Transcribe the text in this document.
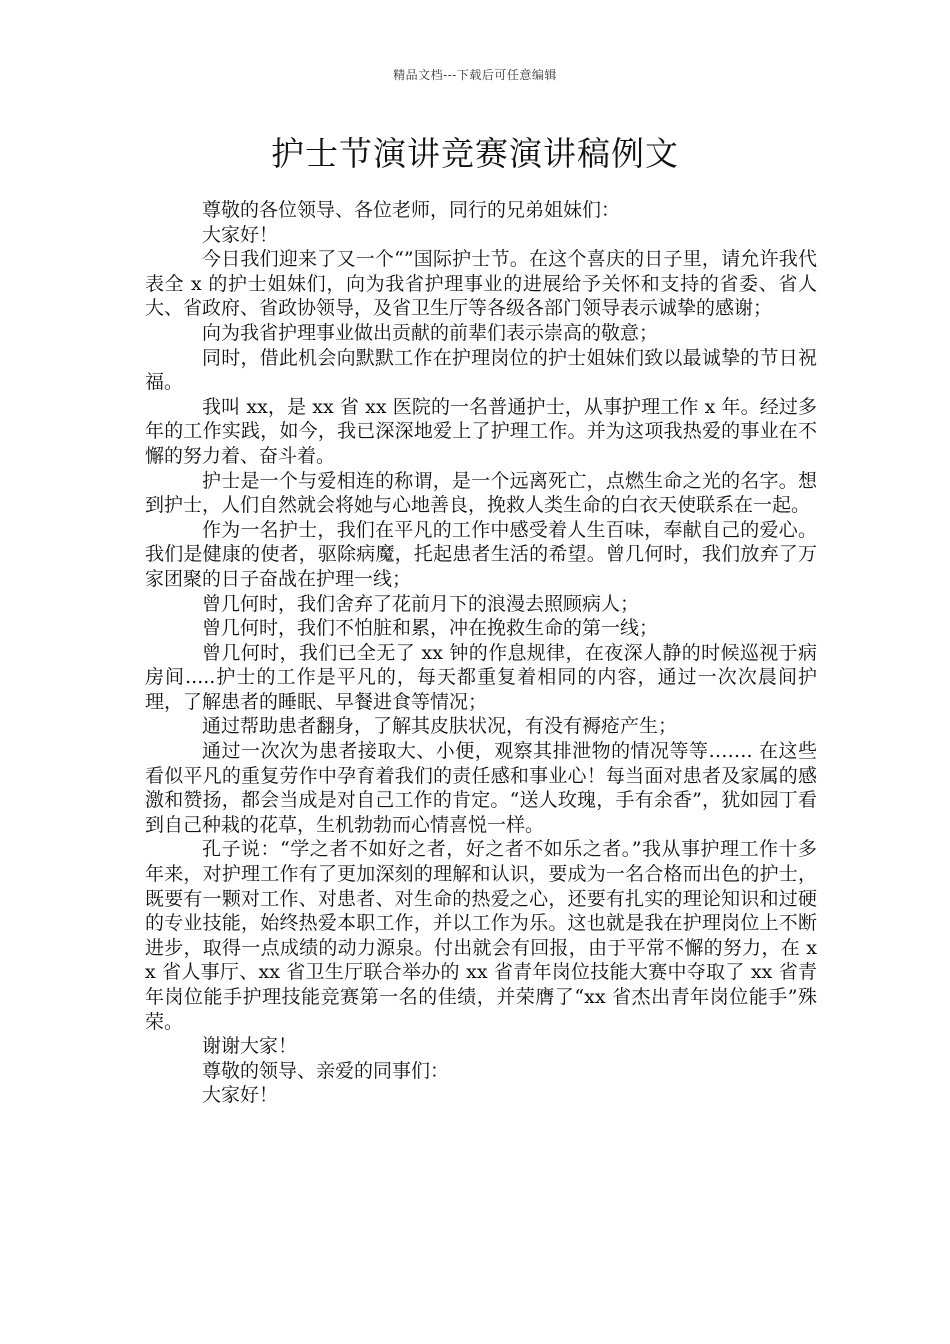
精品文档---下载后可任意编辑
护士节演讲竞赛演讲稿例文

尊敬的各位领导、各位老师，同行的兄弟姐妹们：

大家好！

今日我们迎来了又一个“”国际护士节。在这个喜庆的日子里，请允许我代表全 x 的护士姐妹们，向为我省护理事业的进展给予关怀和支持的省委、省人大、省政府、省政协领导，及省卫生厅等各级各部门领导表示诚挚的感谢；

向为我省护理事业做出贡献的前辈们表示崇高的敬意；

同时，借此机会向默默工作在护理岗位的护士姐妹们致以最诚挚的节日祝福。

我叫 xx，是 xx 省 xx 医院的一名普通护士，从事护理工作 x 年。经过多年的工作实践，如今，我已深深地爱上了护理工作。并为这项我热爱的事业在不懈的努力着、奋斗着。

护士是一个与爱相连的称谓，是一个远离死亡，点燃生命之光的名字。想到护士，人们自然就会将她与心地善良，挽救人类生命的白衣天使联系在一起。

作为一名护士，我们在平凡的工作中感受着人生百味，奉献自己的爱心。我们是健康的使者，驱除病魔，托起患者生活的希望。曾几何时，我们放弃了万家团聚的日子奋战在护理一线；

曾几何时，我们舍弃了花前月下的浪漫去照顾病人；

曾几何时，我们不怕脏和累，冲在挽救生命的第一线；

曾几何时，我们已全无了 xx 钟的作息规律，在夜深人静的时候巡视于病房间.....护士的工作是平凡的，每天都重复着相同的内容，通过一次次晨间护理，了解患者的睡眠、早餐进食等情况；

通过帮助患者翻身，了解其皮肤状况，有没有褥疮产生；

通过一次次为患者接取大、小便，观察其排泄物的情况等等……. 在这些看似平凡的重复劳作中孕育着我们的责任感和事业心！每当面对患者及家属的感激和赞扬，都会当成是对自己工作的肯定。“送人玫瑰，手有余香”，犹如园丁看到自己种栽的花草，生机勃勃而心情喜悦一样。

孔子说：“学之者不如好之者，好之者不如乐之者。”我从事护理工作十多年来，对护理工作有了更加深刻的理解和认识，要成为一名合格而出色的护士，既要有一颗对工作、对患者、对生命的热爱之心，还要有扎实的理论知识和过硬的专业技能，始终热爱本职工作，并以工作为乐。这也就是我在护理岗位上不断进步，取得一点成绩的动力源泉。付出就会有回报，由于平常不懈的努力，在 xx 省人事厅、xx 省卫生厅联合举办的 xx 省青年岗位技能大赛中夺取了 xx 省青年岗位能手护理技能竞赛第一名的佳绩，并荣膺了“xx 省杰出青年岗位能手”殊荣。

谢谢大家！

尊敬的领导、亲爱的同事们：

大家好！
